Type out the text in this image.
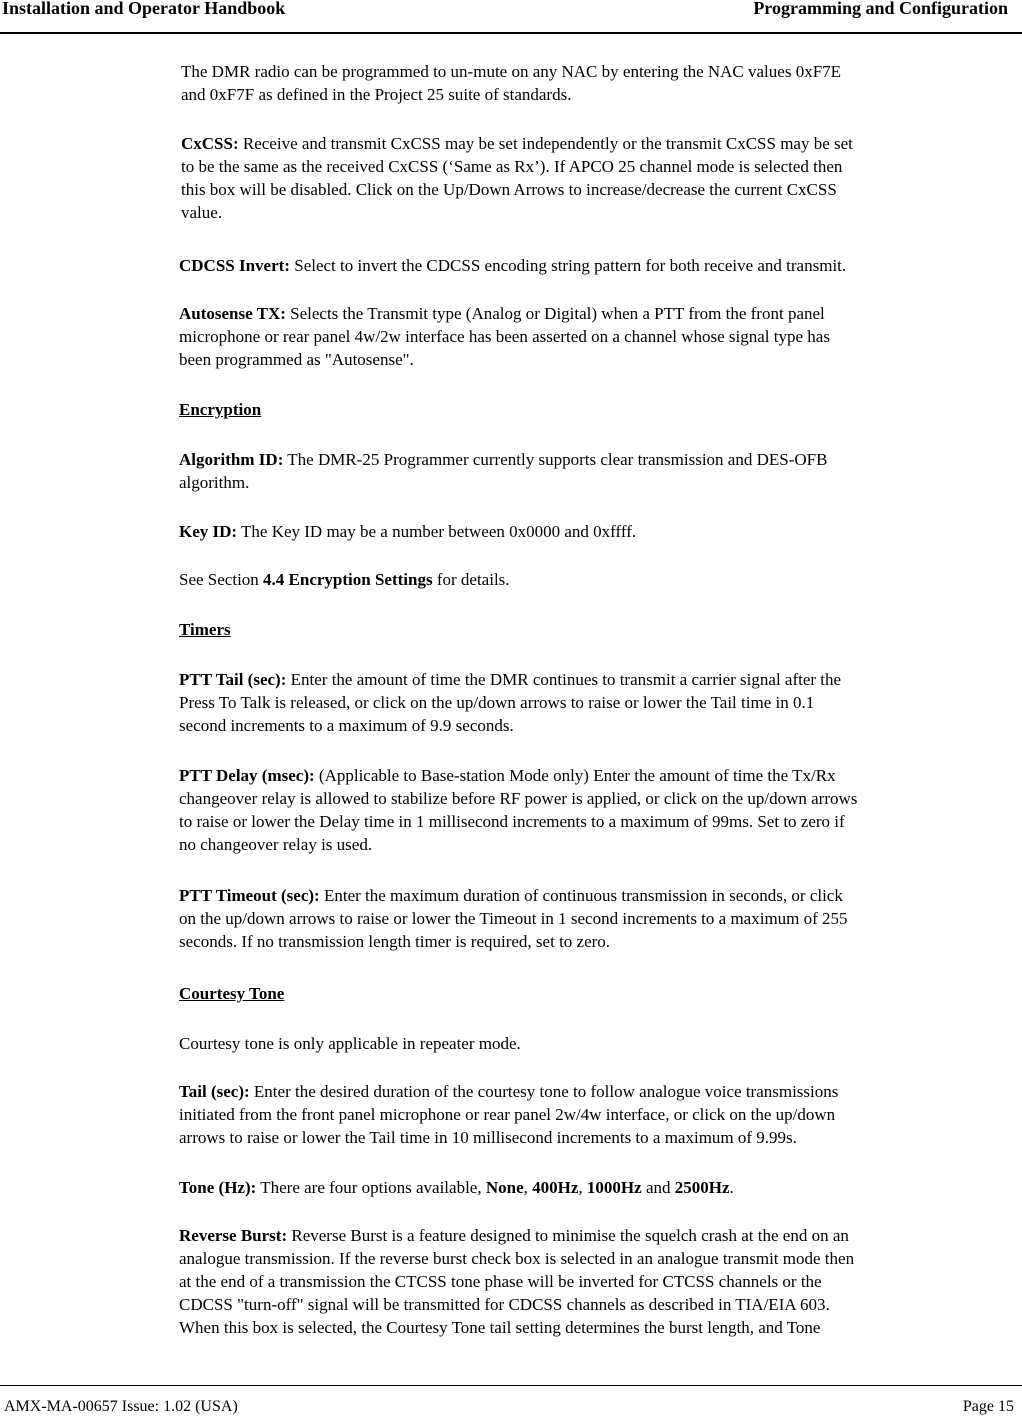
Installation and Operator Handbook	Programming and Configuration
The DMR radio can be programmed to un-mute on any NAC by entering the NAC values 0xF7E
and 0xF7F as defined in the Project 25 suite of standards.
CxCSS: Receive and transmit CxCSS may be set independently or the transmit CxCSS may be set
to be the same as the received CxCSS (‘Same as Rx’). If APCO 25 channel mode is selected then
this box will be disabled. Click on the Up/Down Arrows to increase/decrease the current CxCSS
value.
CDCSS Invert: Select to invert the CDCSS encoding string pattern for both receive and transmit.
Autosense TX: Selects the Transmit type (Analog or Digital) when a PTT from the front panel
microphone or rear panel 4w/2w interface has been asserted on a channel whose signal type has
been programmed as "Autosense".
Encryption
Algorithm ID: The DMR-25 Programmer currently supports clear transmission and DES-OFB
algorithm.
Key ID: The Key ID may be a number between 0x0000 and 0xffff.
See Section 4.4 Encryption Settings for details.
Timers
PTT Tail (sec): Enter the amount of time the DMR continues to transmit a carrier signal after the
Press To Talk is released, or click on the up/down arrows to raise or lower the Tail time in 0.1
second increments to a maximum of 9.9 seconds.
PTT Delay (msec): (Applicable to Base-station Mode only) Enter the amount of time the Tx/Rx
changeover relay is allowed to stabilize before RF power is applied, or click on the up/down arrows
to raise or lower the Delay time in 1 millisecond increments to a maximum of 99ms. Set to zero if
no changeover relay is used.
PTT Timeout (sec): Enter the maximum duration of continuous transmission in seconds, or click
on the up/down arrows to raise or lower the Timeout in 1 second increments to a maximum of 255
seconds. If no transmission length timer is required, set to zero.
Courtesy Tone
Courtesy tone is only applicable in repeater mode.
Tail (sec): Enter the desired duration of the courtesy tone to follow analogue voice transmissions
initiated from the front panel microphone or rear panel 2w/4w interface, or click on the up/down
arrows to raise or lower the Tail time in 10 millisecond increments to a maximum of 9.99s.
Tone (Hz): There are four options available, None, 400Hz, 1000Hz and 2500Hz.
Reverse Burst: Reverse Burst is a feature designed to minimise the squelch crash at the end on an
analogue transmission. If the reverse burst check box is selected in an analogue transmit mode then
at the end of a transmission the CTCSS tone phase will be inverted for CTCSS channels or the
CDCSS "turn-off" signal will be transmitted for CDCSS channels as described in TIA/EIA 603.
When this box is selected, the Courtesy Tone tail setting determines the burst length, and Tone
AMX-MA-00657 Issue: 1.02 (USA)	Page 15
